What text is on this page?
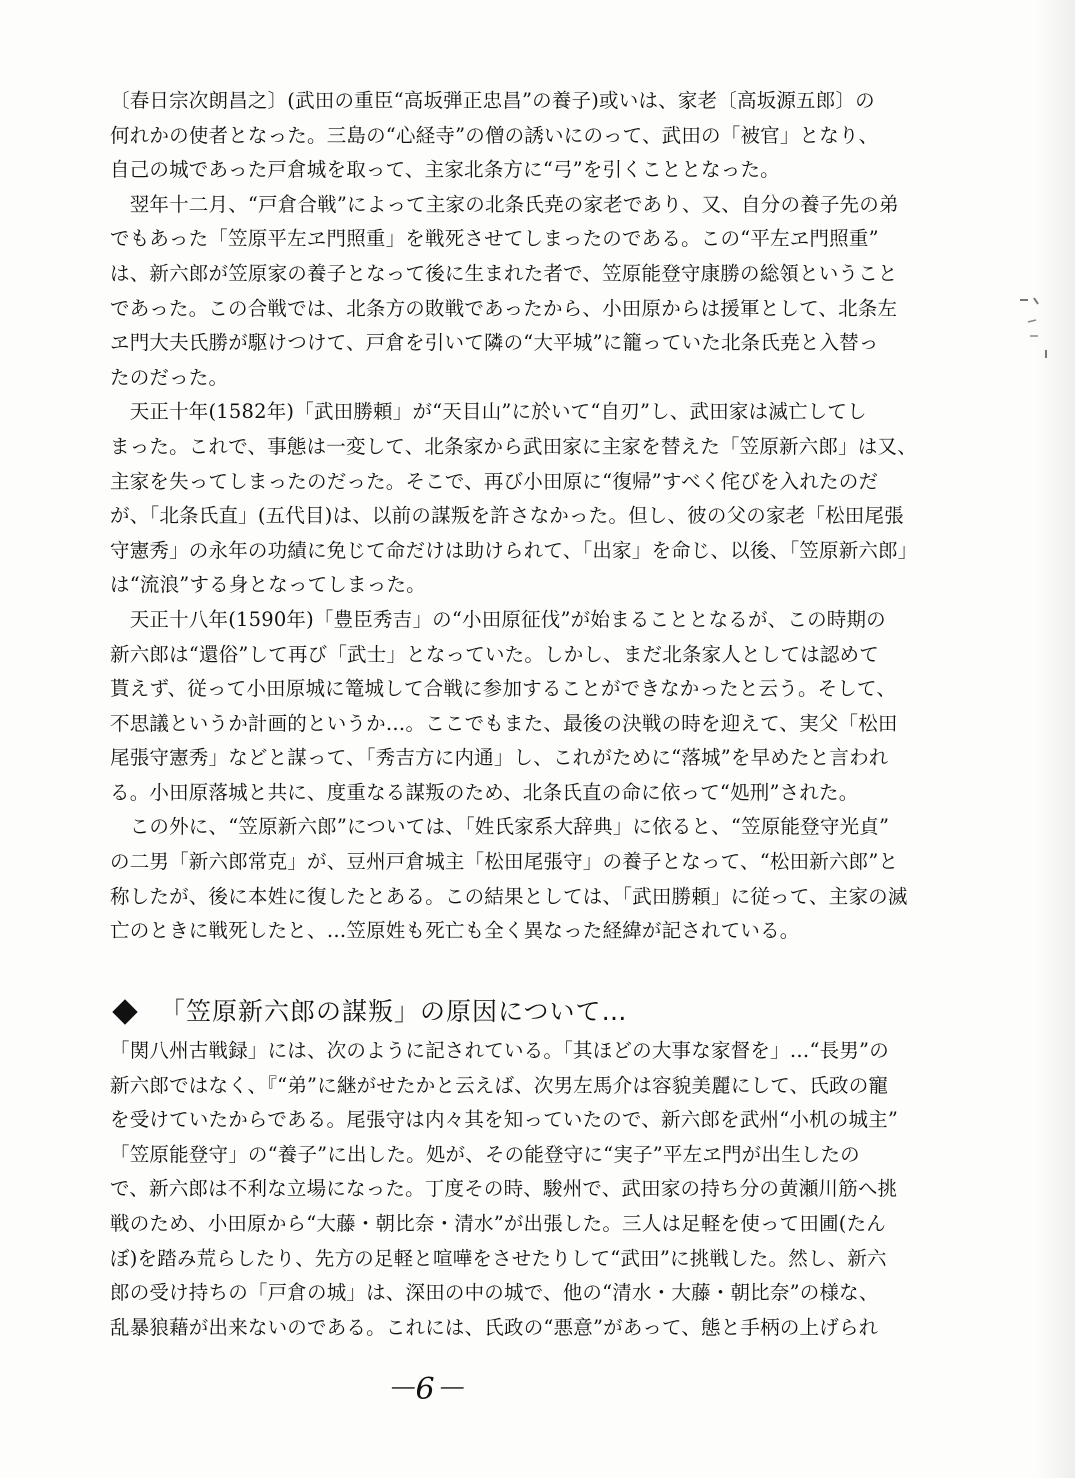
〔春日宗次朗昌之〕(武田の重臣“高坂弾正忠昌”の養子)或いは、家老〔高坂源五郎〕の
何れかの使者となった。三島の“心経寺”の僧の誘いにのって、武田の「被官」となり、
自己の城であった戸倉城を取って、主家北条方に“弓”を引くこととなった。
　翌年十二月、“戸倉合戦”によって主家の北条氏尭の家老であり、又、自分の養子先の弟
でもあった「笠原平左ヱ門照重」を戦死させてしまったのである。この“平左ヱ門照重”
は、新六郎が笠原家の養子となって後に生まれた者で、笠原能登守康勝の総領ということ
であった。この合戦では、北条方の敗戦であったから、小田原からは援軍として、北条左
ヱ門大夫氏勝が駆けつけて、戸倉を引いて隣の“大平城”に籠っていた北条氏尭と入替っ
たのだった。
　天正十年(1582年)「武田勝頼」が“天目山”に於いて“自刃”し、武田家は滅亡してし
まった。これで、事態は一変して、北条家から武田家に主家を替えた「笠原新六郎」は又、
主家を失ってしまったのだった。そこで、再び小田原に“復帰”すべく侘びを入れたのだ
が、「北条氏直」(五代目)は、以前の謀叛を許さなかった。但し、彼の父の家老「松田尾張
守憲秀」の永年の功績に免じて命だけは助けられて、「出家」を命じ、以後、「笠原新六郎」
は“流浪”する身となってしまった。
　天正十八年(1590年)「豊臣秀吉」の“小田原征伐”が始まることとなるが、この時期の
新六郎は“還俗”して再び「武士」となっていた。しかし、まだ北条家人としては認めて
貰えず、従って小田原城に篭城して合戦に参加することができなかったと云う。そして、
不思議というか計画的というか…。ここでもまた、最後の決戦の時を迎えて、実父「松田
尾張守憲秀」などと謀って、「秀吉方に内通」し、これがために“落城”を早めたと言われ
る。小田原落城と共に、度重なる謀叛のため、北条氏直の命に依って“処刑”された。
　この外に、“笠原新六郎”については、「姓氏家系大辞典」に依ると、“笠原能登守光貞”
の二男「新六郎常克」が、豆州戸倉城主「松田尾張守」の養子となって、“松田新六郎”と
称したが、後に本姓に復したとある。この結果としては、「武田勝頼」に従って、主家の滅
亡のときに戦死したと、…笠原姓も死亡も全く異なった経緯が記されている。
「笠原新六郎の謀叛」の原因について…
「関八州古戦録」には、次のように記されている。「其ほどの大事な家督を」…“長男”の
新六郎ではなく、『“弟”に継がせたかと云えば、次男左馬介は容貌美麗にして、氏政の寵
を受けていたからである。尾張守は内々其を知っていたので、新六郎を武州“小机の城主”
「笠原能登守」の“養子”に出した。処が、その能登守に“実子”平左ヱ門が出生したの
で、新六郎は不利な立場になった。丁度その時、駿州で、武田家の持ち分の黄瀬川筋へ挑
戦のため、小田原から“大藤・朝比奈・清水”が出張した。三人は足軽を使って田圃(たん
ぼ)を踏み荒らしたり、先方の足軽と喧嘩をさせたりして“武田”に挑戦した。然し、新六
郎の受け持ちの「戸倉の城」は、深田の中の城で、他の“清水・大藤・朝比奈”の様な、
乱暴狼藉が出来ないのである。これには、氏政の“悪意”があって、態と手柄の上げられ
－6－
